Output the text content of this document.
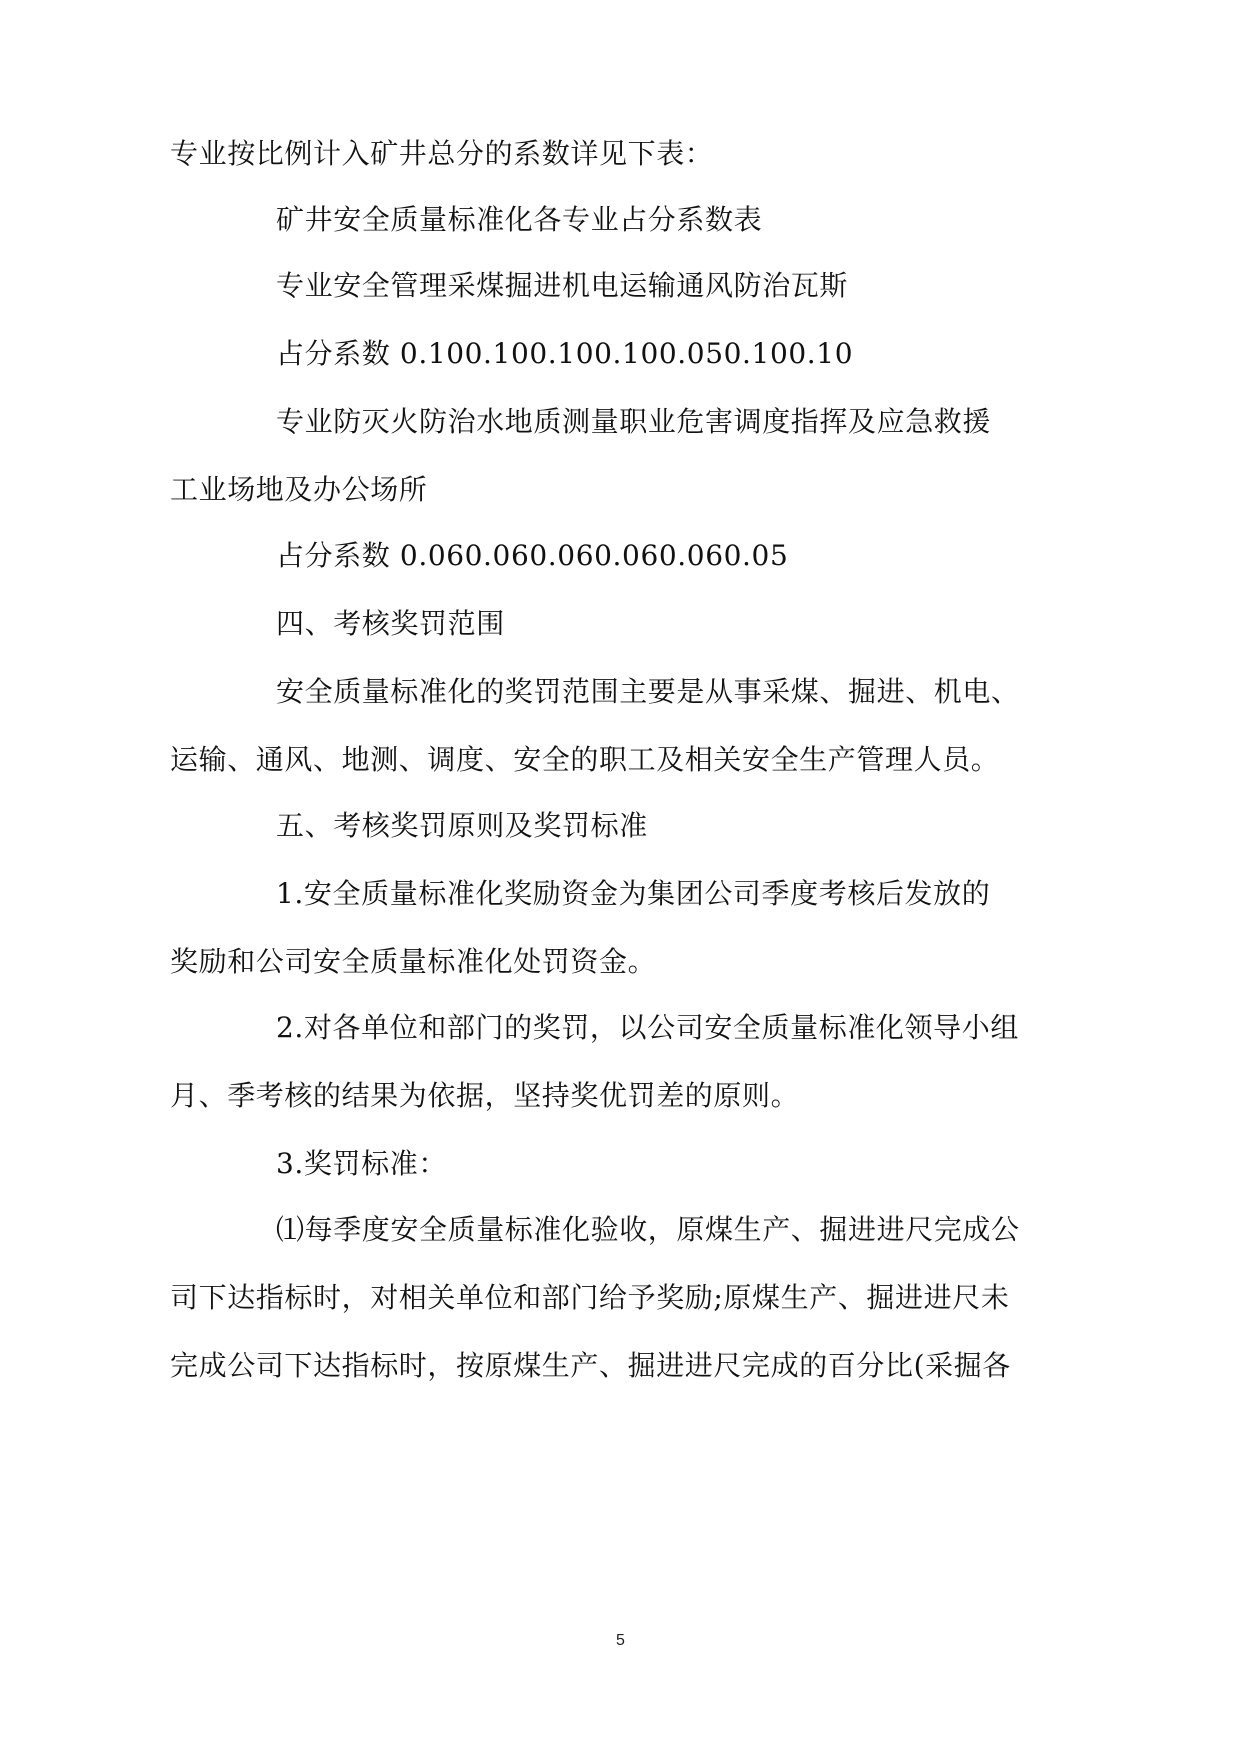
专业按比例计入矿井总分的系数详见下表：
矿井安全质量标准化各专业占分系数表
专业安全管理采煤掘进机电运输通风防治瓦斯
占分系数 0.100.100.100.100.050.100.10
专业防灭火防治水地质测量职业危害调度指挥及应急救援
工业场地及办公场所
占分系数 0.060.060.060.060.060.05
四、考核奖罚范围
安全质量标准化的奖罚范围主要是从事采煤、掘进、机电、
运输、通风、地测、调度、安全的职工及相关安全生产管理人员。
五、考核奖罚原则及奖罚标准
1.安全质量标准化奖励资金为集团公司季度考核后发放的
奖励和公司安全质量标准化处罚资金。
2.对各单位和部门的奖罚，以公司安全质量标准化领导小组
月、季考核的结果为依据，坚持奖优罚差的原则。
3.奖罚标准：
⑴每季度安全质量标准化验收，原煤生产、掘进进尺完成公
司下达指标时，对相关单位和部门给予奖励;原煤生产、掘进进尺未
完成公司下达指标时，按原煤生产、掘进进尺完成的百分比(采掘各
5
